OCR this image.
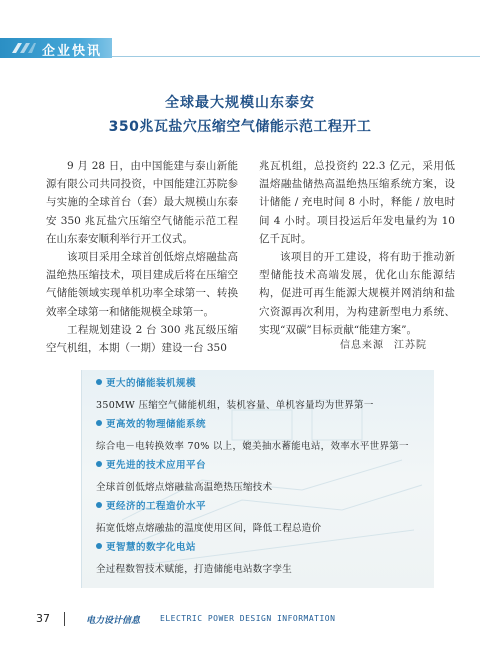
企业快讯
全球最大规模山东泰安
350兆瓦盐穴压缩空气储能示范工程开工

9 月 28 日，由中国能建与泰山新能源有限公司共同投资，中国能建江苏院参与实施的全球首台（套）最大规模山东泰安 350 兆瓦盐穴压缩空气储能示范工程在山东泰安顺利举行开工仪式。

该项目采用全球首创低熔点熔融盐高温绝热压缩技术，项目建成后将在压缩空气储能领域实现单机功率全球第一、转换效率全球第一和储能规模全球第一。

工程规划建设 2 台 300 兆瓦级压缩空气机组，本期（一期）建设一台 350

兆瓦机组，总投资约 22.3 亿元，采用低温熔融盐储热高温绝热压缩系统方案，设计储能 / 充电时间 8 小时，释能 / 放电时间 4 小时。项目投运后年发电量约为 10 亿千瓦时。

该项目的开工建设，将有助于推动新型储能技术高端发展，优化山东能源结构，促进可再生能源大规模并网消纳和盐穴资源再次利用，为构建新型电力系统、实现“双碳”目标贡献“能建方案”。

信息来源 江苏院
更大的储能装机规模
350MW 压缩空气储能机组，装机容量、单机容量均为世界第一
更高效的物理储能系统
综合电－电转换效率 70% 以上，媲美抽水蓄能电站，效率水平世界第一
更先进的技术应用平台
全球首创低熔点熔融盐高温绝热压缩技术
更经济的工程造价水平
拓宽低熔点熔融盐的温度使用区间，降低工程总造价
更智慧的数字化电站
全过程数智技术赋能，打造储能电站数字孪生
37	电力设计信息 ELECTRIC POWER DESIGN INFORMATION
